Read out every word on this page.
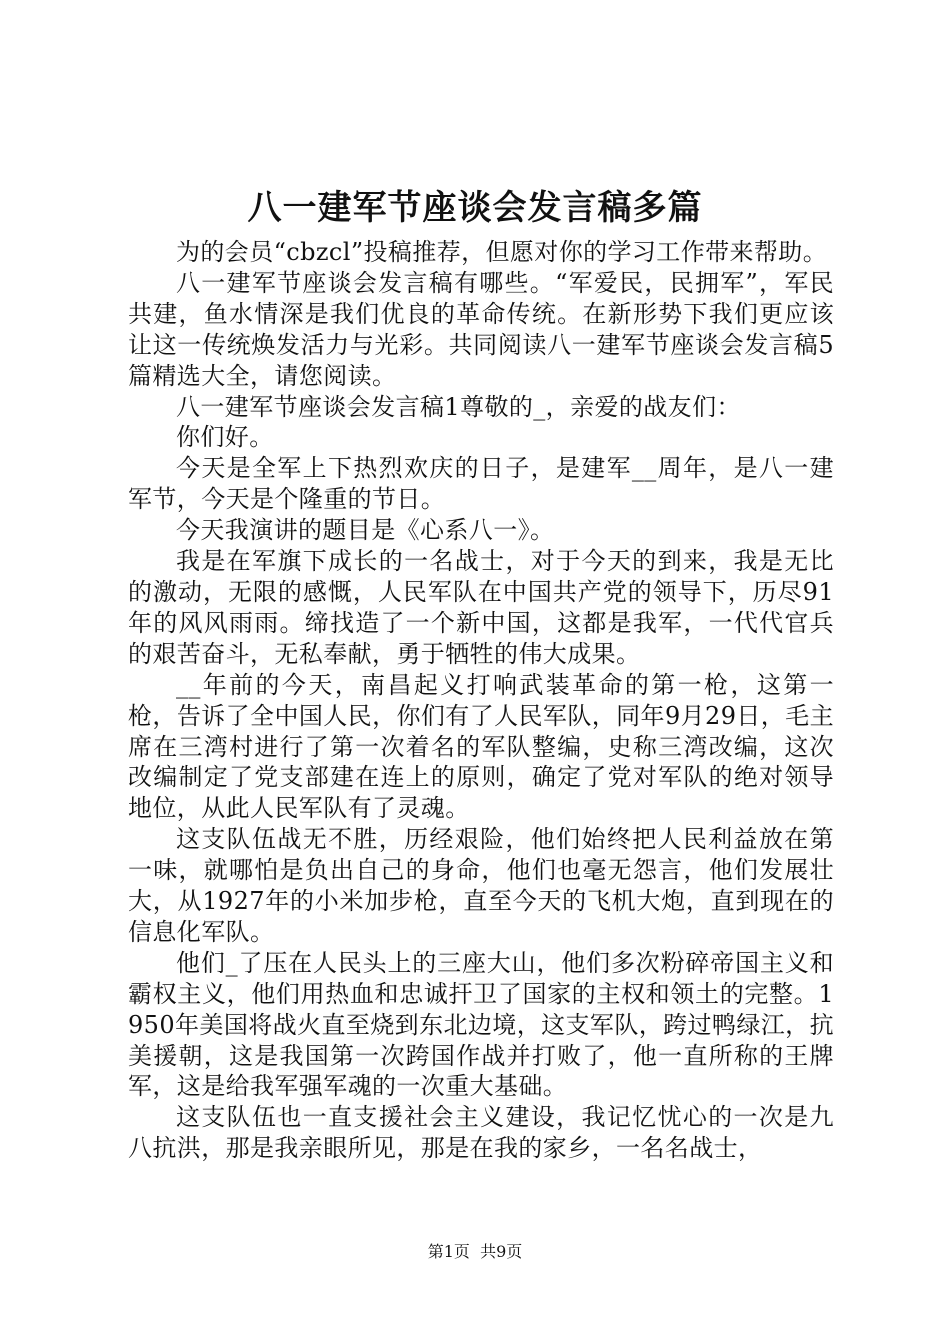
八一建军节座谈会发言稿多篇

为的会员“cbzcl”投稿推荐，但愿对你的学习工作带来帮助。

八一建军节座谈会发言稿有哪些。“军爱民，民拥军”，军民共建，鱼水情深是我们优良的革命传统。在新形势下我们更应该让这一传统焕发活力与光彩。共同阅读八一建军节座谈会发言稿5篇精选大全，请您阅读。

八一建军节座谈会发言稿1尊敬的_，亲爱的战友们：

你们好。

今天是全军上下热烈欢庆的日子，是建军__周年，是八一建军节，今天是个隆重的节日。

今天我演讲的题目是《心系八一》。

我是在军旗下成长的一名战士，对于今天的到来，我是无比的激动，无限的感慨，人民军队在中国共产党的领导下，历尽91年的风风雨雨。缔找造了一个新中国，这都是我军，一代代官兵的艰苦奋斗，无私奉献，勇于牺牲的伟大成果。

__年前的今天，南昌起义打响武装革命的第一枪，这第一枪，告诉了全中国人民，你们有了人民军队，同年9月29日，毛主席在三湾村进行了第一次着名的军队整编，史称三湾改编，这次改编制定了党支部建在连上的原则，确定了党对军队的绝对领导地位，从此人民军队有了灵魂。

这支队伍战无不胜，历经艰险，他们始终把人民利益放在第一味，就哪怕是负出自己的身命，他们也毫无怨言，他们发展壮大，从1927年的小米加步枪，直至今天的飞机大炮，直到现在的信息化军队。

他们_了压在人民头上的三座大山，他们多次粉碎帝国主义和霸权主义，他们用热血和忠诚扞卫了国家的主权和领土的完整。1950年美国将战火直至烧到东北边境，这支军队，跨过鸭绿江，抗美援朝，这是我国第一次跨国作战并打败了，他一直所称的王牌军，这是给我军强军魂的一次重大基础。

这支队伍也一直支援社会主义建设，我记忆忧心的一次是九八抗洪，那是我亲眼所见，那是在我的家乡，一名名战士，

第1页  共9页
